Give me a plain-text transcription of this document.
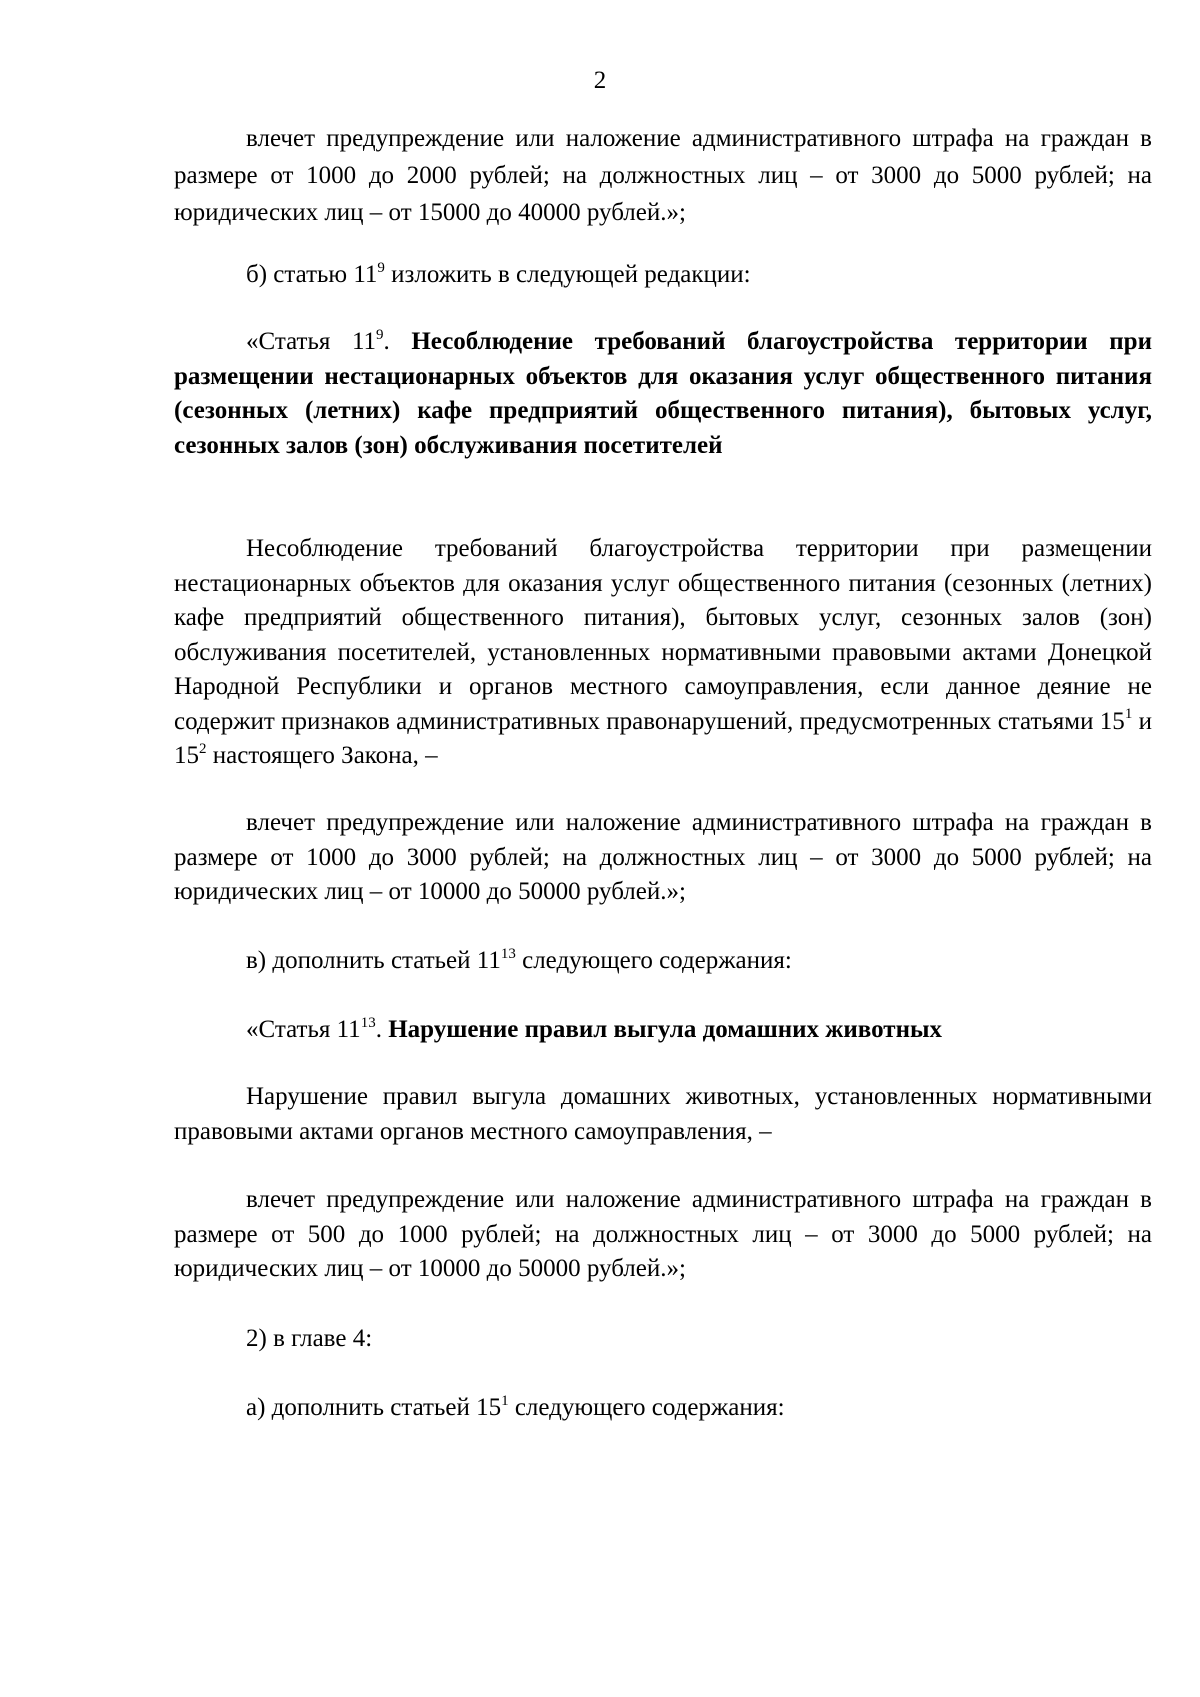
2

влечет предупреждение или наложение административного штрафа на граждан в размере от 1000 до 2000 рублей; на должностных лиц – от 3000 до 5000 рублей; на юридических лиц – от 15000 до 40000 рублей.»;

б) статью $11^9$ изложить в следующей редакции:

«Статья $11^9$. Несоблюдение требований благоустройства территории при размещении нестационарных объектов для оказания услуг общественного питания (сезонных (летних) кафе предприятий общественного питания), бытовых услуг, сезонных залов (зон) обслуживания посетителей

Несоблюдение требований благоустройства территории при размещении нестационарных объектов для оказания услуг общественного питания (сезонных (летних) кафе предприятий общественного питания), бытовых услуг, сезонных залов (зон) обслуживания посетителей, установленных нормативными правовыми актами Донецкой Народной Республики и органов местного самоуправления, если данное деяние не содержит признаков административных правонарушений, предусмотренных статьями $15^1$ и $15^2$ настоящего Закона, –

влечет предупреждение или наложение административного штрафа на граждан в размере от 1000 до 3000 рублей; на должностных лиц – от 3000 до 5000 рублей; на юридических лиц – от 10000 до 50000 рублей.»;

в) дополнить статьей $11^{13}$ следующего содержания:

«Статья $11^{13}$. Нарушение правил выгула домашних животных

Нарушение правил выгула домашних животных, установленных нормативными правовыми актами органов местного самоуправления, –

влечет предупреждение или наложение административного штрафа на граждан в размере от 500 до 1000 рублей; на должностных лиц – от 3000 до 5000 рублей; на юридических лиц – от 10000 до 50000 рублей.»;

2) в главе 4:

а) дополнить статьей $15^1$ следующего содержания:
